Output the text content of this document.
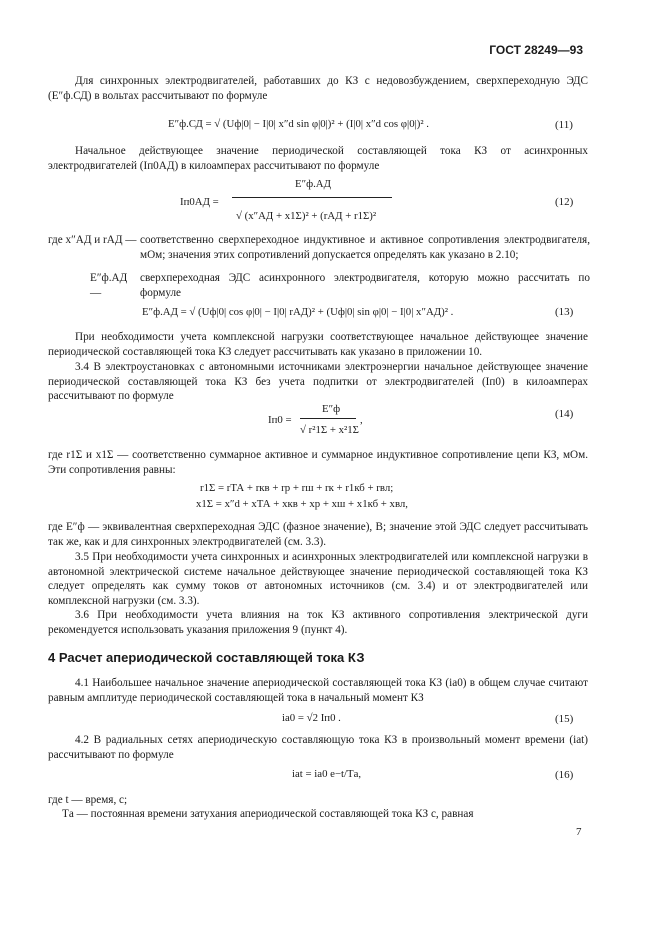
ГОСТ 28249—93
Для синхронных электродвигателей, работавших до КЗ с недовозбуждением, сверхпереходную ЭДС (E″ф.СД) в вольтах рассчитывают по формуле
E″ф.СД = √ (Uф|0| − I|0| x″d sin φ|0|)² + (I|0| x″d cos φ|0|)² .	(11)
Начальное действующее значение периодической составляющей тока КЗ от асинхронных электродвигателей (Iп0АД) в килоамперах рассчитывают по формуле
Iп0АД =
E″ф.АД
√ (x″АД + x1Σ)² + (rАД + r1Σ)²
(12)
где x″АД и rАД — соответственно сверхпереходное индуктивное и активное сопротивления электродвигателя, мОм; значения этих сопротивлений допускается определять как указано в 2.10;
E″ф.АД —
сверхпереходная ЭДС асинхронного электродвигателя, которую можно рассчитать по формуле
E″ф.АД = √ (Uф|0| cos φ|0| − I|0| rАД)² + (Uф|0| sin φ|0| − I|0| x″АД)² .	(13)
При необходимости учета комплексной нагрузки соответствующее начальное действующее значение периодической составляющей тока КЗ следует рассчитывать как указано в приложении 10.
3.4 В электроустановках с автономными источниками электроэнергии начальное действующее значение периодической составляющей тока КЗ без учета подпитки от электродвигателей (Iп0) в килоамперах рассчитывают по формуле
Iп0 =
E″ф
√ r²1Σ + x²1Σ
,	(14)
где r1Σ и x1Σ — соответственно суммарное активное и суммарное индуктивное сопротивление цепи КЗ, мОм. Эти сопротивления равны:
r1Σ = rТА + rкв + rр + rш + rк + r1кб + rвл;
x1Σ = x″d + xТА + xкв + xр + xш + x1кб + xвл,
где E″ф — эквивалентная сверхпереходная ЭДС (фазное значение), В; значение этой ЭДС следует рассчитывать так же, как и для синхронных электродвигателей (см. 3.3).
3.5 При необходимости учета синхронных и асинхронных электродвигателей или комплексной нагрузки в автономной электрической системе начальное действующее значение периодической составляющей тока КЗ следует определять как сумму токов от автономных источников (см. 3.4) и от электродвигателей или комплексной нагрузки (см. 3.3).
3.6 При необходимости учета влияния на ток КЗ активного сопротивления электрической дуги рекомендуется использовать указания приложения 9 (пункт 4).
4 Расчет апериодической составляющей тока КЗ
4.1 Наибольшее начальное значение апериодической составляющей тока КЗ (ia0) в общем случае считают равным амплитуде периодической составляющей тока в начальный момент КЗ
ia0 = √2 Iп0 .	(15)
4.2 В радиальных сетях апериодическую составляющую тока КЗ в произвольный момент времени (iat) рассчитывают по формуле
iat = ia0 e−t/Tа,	(16)
где t — время, с;
Tа — постоянная времени затухания апериодической составляющей тока КЗ с, равная
7
